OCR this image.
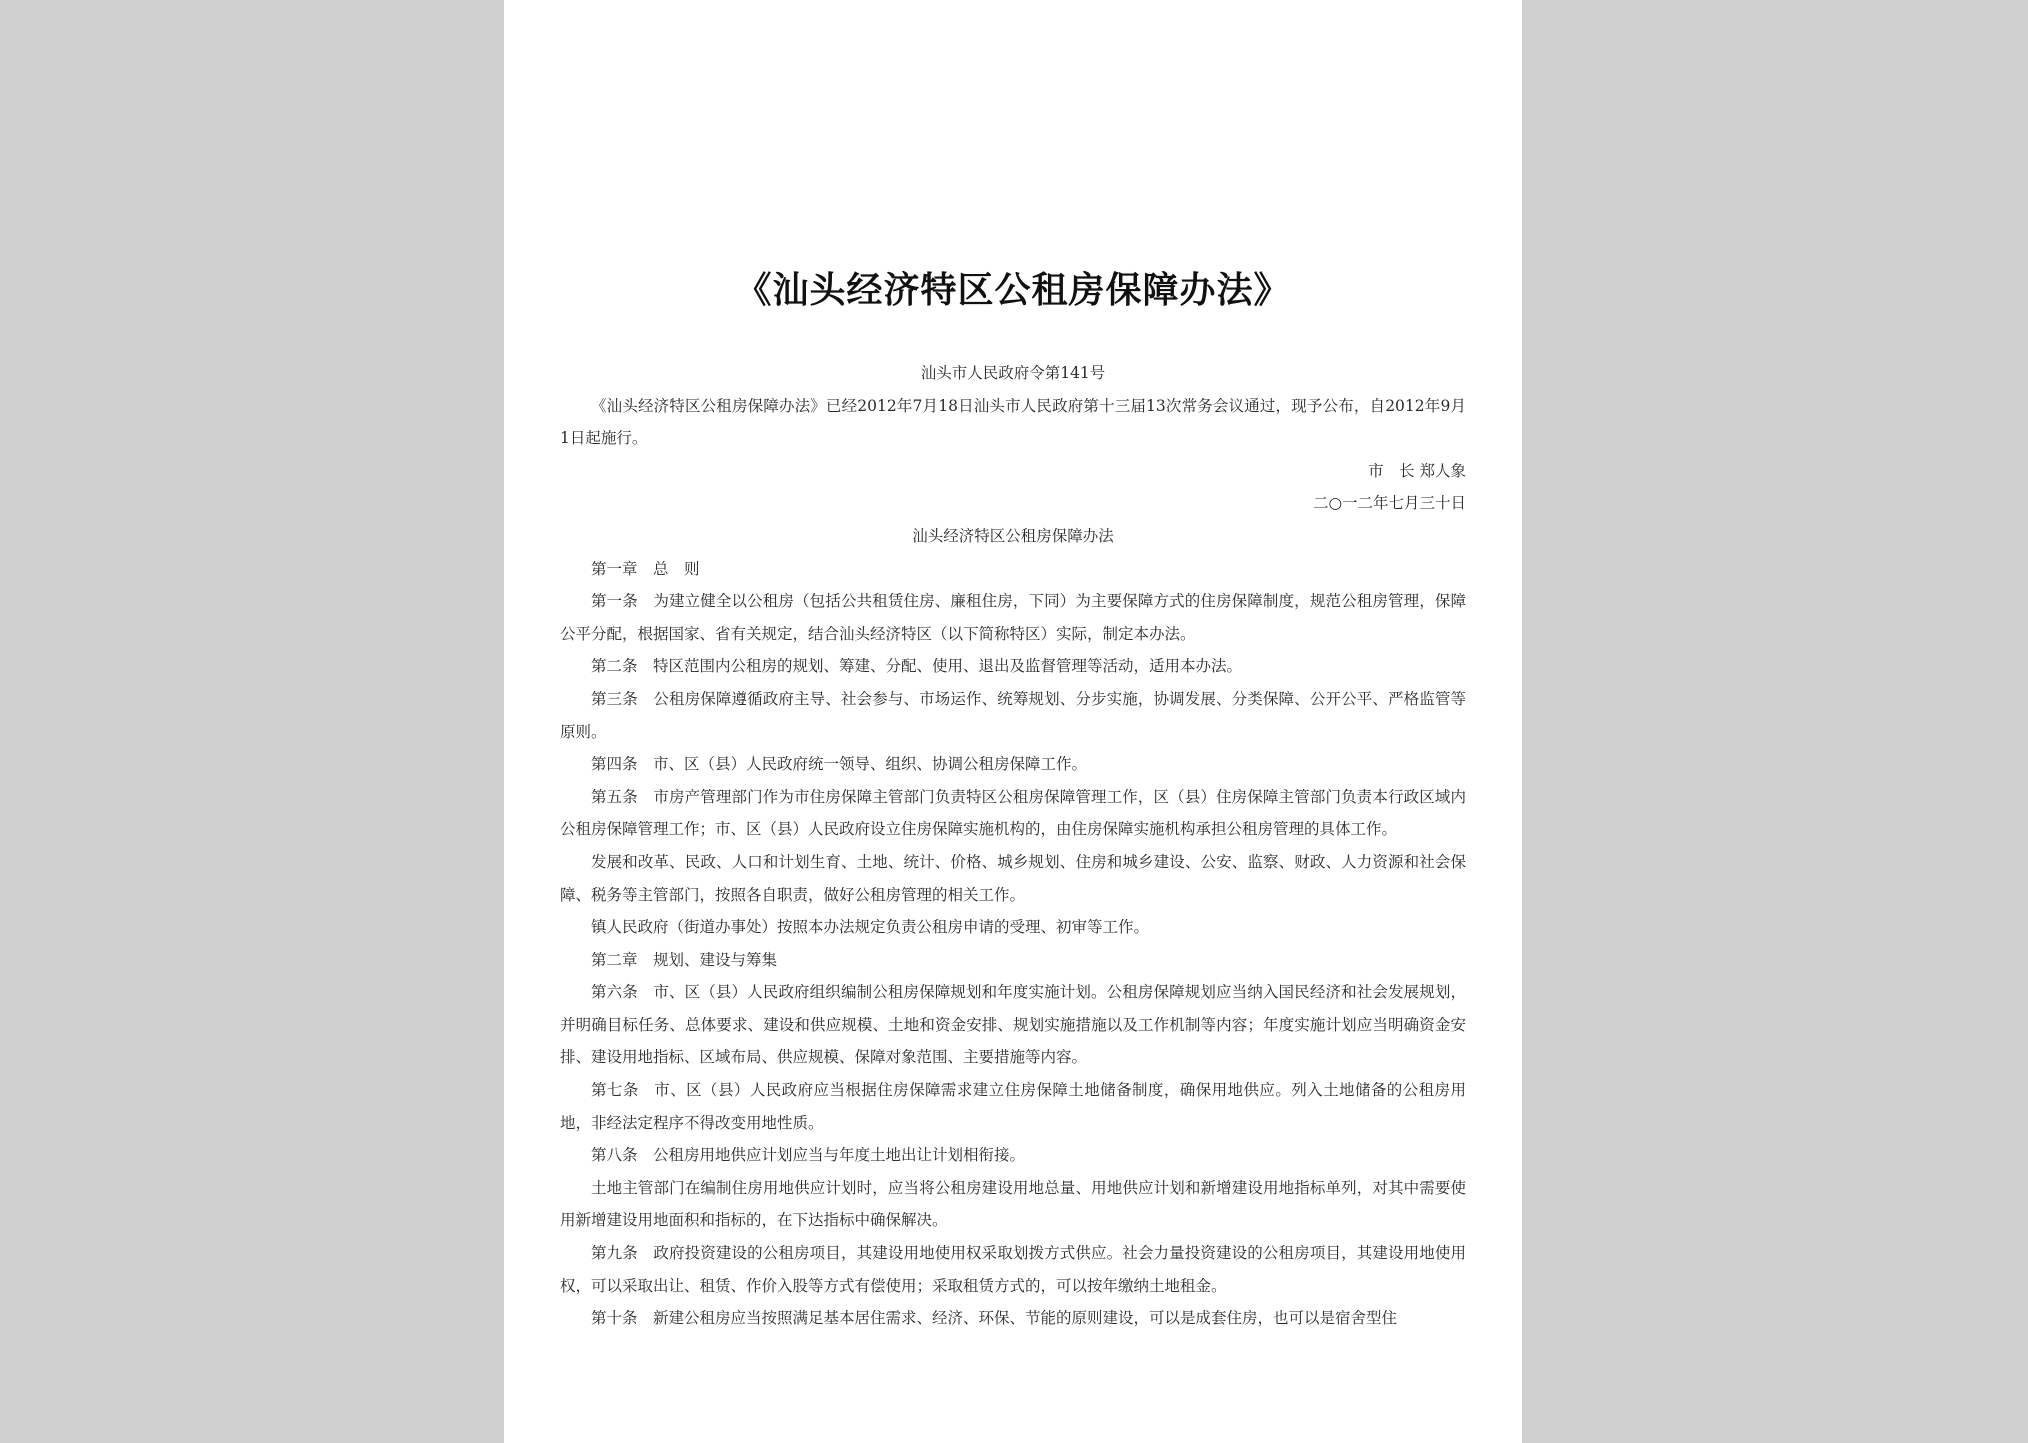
《汕头经济特区公租房保障办法》

汕头市人民政府令第141号

《汕头经济特区公租房保障办法》已经2012年7月18日汕头市人民政府第十三届13次常务会议通过，现予公布，自2012年9月1日起施行。

市　长 郑人象

二○一二年七月三十日

汕头经济特区公租房保障办法

第一章　总　则

第一条 为建立健全以公租房（包括公共租赁住房、廉租住房，下同）为主要保障方式的住房保障制度，规范公租房管理，保障公平分配，根据国家、省有关规定，结合汕头经济特区（以下简称特区）实际，制定本办法。

第二条 特区范围内公租房的规划、筹建、分配、使用、退出及监督管理等活动，适用本办法。

第三条 公租房保障遵循政府主导、社会参与、市场运作、统筹规划、分步实施，协调发展、分类保障、公开公平、严格监管等原则。

第四条 市、区（县）人民政府统一领导、组织、协调公租房保障工作。

第五条 市房产管理部门作为市住房保障主管部门负责特区公租房保障管理工作，区（县）住房保障主管部门负责本行政区域内公租房保障管理工作；市、区（县）人民政府设立住房保障实施机构的，由住房保障实施机构承担公租房管理的具体工作。

发展和改革、民政、人口和计划生育、土地、统计、价格、城乡规划、住房和城乡建设、公安、监察、财政、人力资源和社会保障、税务等主管部门，按照各自职责，做好公租房管理的相关工作。

镇人民政府（街道办事处）按照本办法规定负责公租房申请的受理、初审等工作。

第二章　规划、建设与筹集

第六条 市、区（县）人民政府组织编制公租房保障规划和年度实施计划。公租房保障规划应当纳入国民经济和社会发展规划，并明确目标任务、总体要求、建设和供应规模、土地和资金安排、规划实施措施以及工作机制等内容；年度实施计划应当明确资金安排、建设用地指标、区域布局、供应规模、保障对象范围、主要措施等内容。

第七条 市、区（县）人民政府应当根据住房保障需求建立住房保障土地储备制度，确保用地供应。列入土地储备的公租房用地，非经法定程序不得改变用地性质。

第八条 公租房用地供应计划应当与年度土地出让计划相衔接。

土地主管部门在编制住房用地供应计划时，应当将公租房建设用地总量、用地供应计划和新增建设用地指标单列，对其中需要使用新增建设用地面积和指标的，在下达指标中确保解决。

第九条 政府投资建设的公租房项目，其建设用地使用权采取划拨方式供应。社会力量投资建设的公租房项目，其建设用地使用权，可以采取出让、租赁、作价入股等方式有偿使用；采取租赁方式的，可以按年缴纳土地租金。

第十条 新建公租房应当按照满足基本居住需求、经济、环保、节能的原则建设，可以是成套住房，也可以是宿舍型住
